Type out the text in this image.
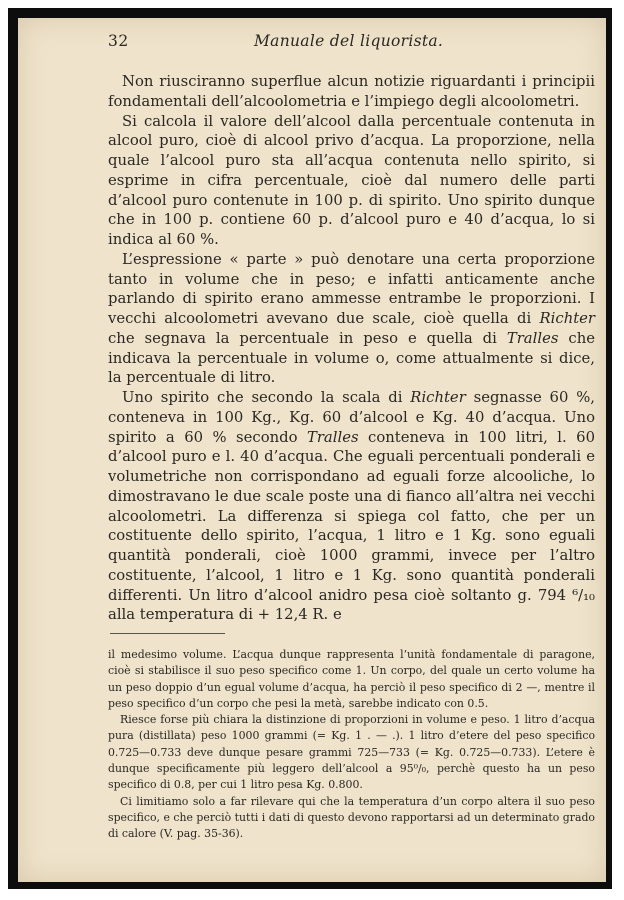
32	Manuale del liquorista.

Non riusciranno superflue alcun notizie riguardanti i principii fondamentali dell’alcoolometria e l’impiego degli alcoolometri.

Si calcola il valore dell’alcool dalla percentuale contenuta in alcool puro, cioè di alcool privo d’acqua. La proporzione, nella quale l’alcool puro sta all’acqua contenuta nello spirito, si esprime in cifra percentuale, cioè dal numero delle parti d’alcool puro contenute in 100 p. di spirito. Uno spirito dunque che in 100 p. contiene 60 p. d’alcool puro e 40 d’acqua, lo si indica al 60 %.

L’espressione « parte » può denotare una certa proporzione tanto in volume che in peso; e infatti anticamente anche parlando di spirito erano ammesse entrambe le proporzioni. I vecchi alcoolometri avevano due scale, cioè quella di Richter che segnava la percentuale in peso e quella di Tralles che indicava la percentuale in volume o, come attualmente si dice, la percentuale di litro.

Uno spirito che secondo la scala di Richter segnasse 60 %, conteneva in 100 Kg., Kg. 60 d’alcool e Kg. 40 d’acqua. Uno spirito a 60 % secondo Tralles conteneva in 100 litri, l. 60 d’alcool puro e l. 40 d’acqua. Che eguali percentuali ponderali e volumetriche non corrispondano ad eguali forze alcooliche, lo dimostravano le due scale poste una di fianco all’altra nei vecchi alcoolometri. La differenza si spiega col fatto, che per un costituente dello spirito, l’acqua, 1 litro e 1 Kg. sono eguali quantità ponderali, cioè 1000 grammi, invece per l’altro costituente, l’alcool, 1 litro e 1 Kg. sono quantità ponderali differenti. Un litro d’alcool anidro pesa cioè soltanto g. 794 ⁶/₁₀ alla temperatura di + 12,4 R. e

il medesimo volume. L’acqua dunque rappresenta l’unità fondamentale di paragone, cioè si stabilisce il suo peso specifico come 1. Un corpo, del quale un certo volume ha un peso doppio d’un egual volume d’acqua, ha perciò il peso specifico di 2 —, mentre il peso specifico d’un corpo che pesi la metà, sarebbe indicato con 0.5.

Riesce forse più chiara la distinzione di proporzioni in volume e peso. 1 litro d’acqua pura (distillata) peso 1000 grammi (= Kg. 1 . — .). 1 litro d’etere del peso specifico 0.725—0.733 deve dunque pesare grammi 725—733 (= Kg. 0.725—0.733). L’etere è dunque specificamente più leggero dell’alcool a 95⁰/₀, perchè questo ha un peso specifico di 0.8, per cui 1 litro pesa Kg. 0.800.

Ci limitiamo solo a far rilevare qui che la temperatura d’un corpo altera il suo peso specifico, e che perciò tutti i dati di questo devono rapportarsi ad un determinato grado di calore (V. pag. 35-36).
